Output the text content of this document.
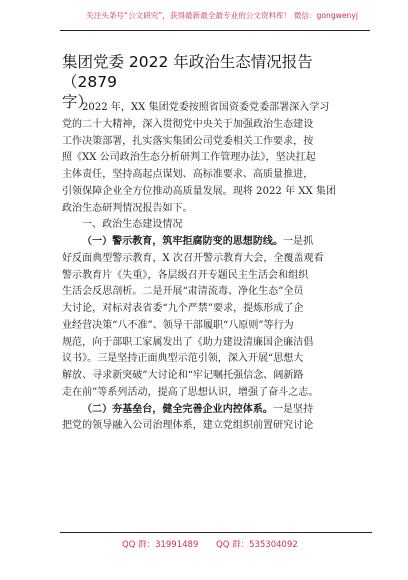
关注头条号“公文研究”，获得最新最全最专业的公文资料库！ 微信：gongwenyj
集团党委 2022 年政治生态情况报告（2879
字）
2022 年，XX 集团党委按照省国资委党委部署深入学习
党的二十大精神，深入贯彻党中央关于加强政治生态建设
工作决策部署，扎实落实集团公司党委相关工作要求，按
照《XX 公司政治生态分析研判工作管理办法》，坚决扛起
主体责任，坚持高起点谋划、高标准要求、高质量推进，
引领保障企业全方位推动高质量发展。现将 2022 年 XX 集团
政治生态研判情况报告如下。
一、政治生态建设情况
（一）警示教育，筑牢拒腐防变的思想防线。一是抓
好反面典型警示教育，X 次召开警示教育大会，全覆盖观看
警示教育片《失重》，各层级召开专题民主生活会和组织
生活会反思剖析。二是开展“肃清流毒、净化生态”全员
大讨论，对标对表省委“九个严禁”要求，提炼形成了企
业经营决策“八不准”、领导干部履职“八原则”等行为
规范，向于部职工家属发出了《助力建设清廉国企廉洁倡
议书》。三是坚持正面典型示范引领，深入开展“思想大
解放、寻求新突破”大讨论和“牢记嘱托强信念、阔新路
走在前”等系列活动，提高了思想认识，增强了奋斗之志。
（二）夯基垒台，健全完善企业内控体系。一是坚持
把党的领导融入公司治理体系，建立党组织前置研究讨论
QQ 群：31991489 QQ 群：535304092
